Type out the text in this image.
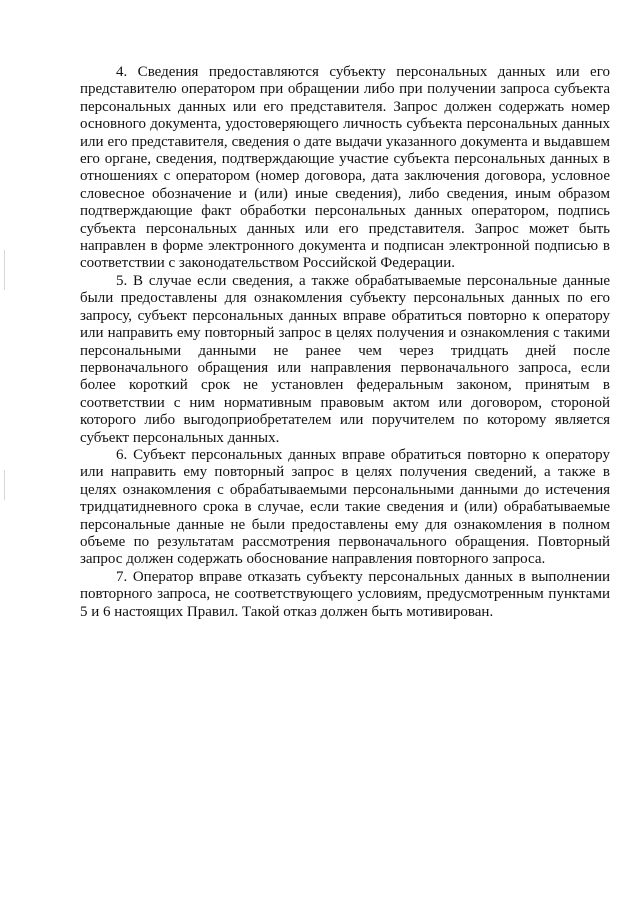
4. Сведения предоставляются субъекту персональных данных или его представителю оператором при обращении либо при получении запроса субъекта персональных данных или его представителя. Запрос должен содержать номер основного документа, удостоверяющего личность субъекта персональных данных или его представителя, сведения о дате выдачи указанного документа и выдавшем его органе, сведения, подтверждающие участие субъекта персональных данных в отношениях с оператором (номер договора, дата заключения договора, условное словесное обозначение и (или) иные сведения), либо сведения, иным образом подтверждающие факт обработки персональных данных оператором, подпись субъекта персональных данных или его представителя. Запрос может быть направлен в форме электронного документа и подписан электронной подписью в соответствии с законодательством Российской Федерации.

5. В случае если сведения, а также обрабатываемые персональные данные были предоставлены для ознакомления субъекту персональных данных по его запросу, субъект персональных данных вправе обратиться повторно к оператору или направить ему повторный запрос в целях получения и ознакомления с такими персональными данными не ранее чем через тридцать дней после первоначального обращения или направления первоначального запроса, если более короткий срок не установлен федеральным законом, принятым в соответствии с ним нормативным правовым актом или договором, стороной которого либо выгодоприобретателем или поручителем по которому является субъект персональных данных.

6. Субъект персональных данных вправе обратиться повторно к оператору или направить ему повторный запрос в целях получения сведений, а также в целях ознакомления с обрабатываемыми персональными данными до истечения тридцатидневного срока в случае, если такие сведения и (или) обрабатываемые персональные данные не были предоставлены ему для ознакомления в полном объеме по результатам рассмотрения первоначального обращения. Повторный запрос должен содержать обоснование направления повторного запроса.

7. Оператор вправе отказать субъекту персональных данных в выполнении повторного запроса, не соответствующего условиям, предусмотренным пунктами 5 и 6 настоящих Правил. Такой отказ должен быть мотивирован.
